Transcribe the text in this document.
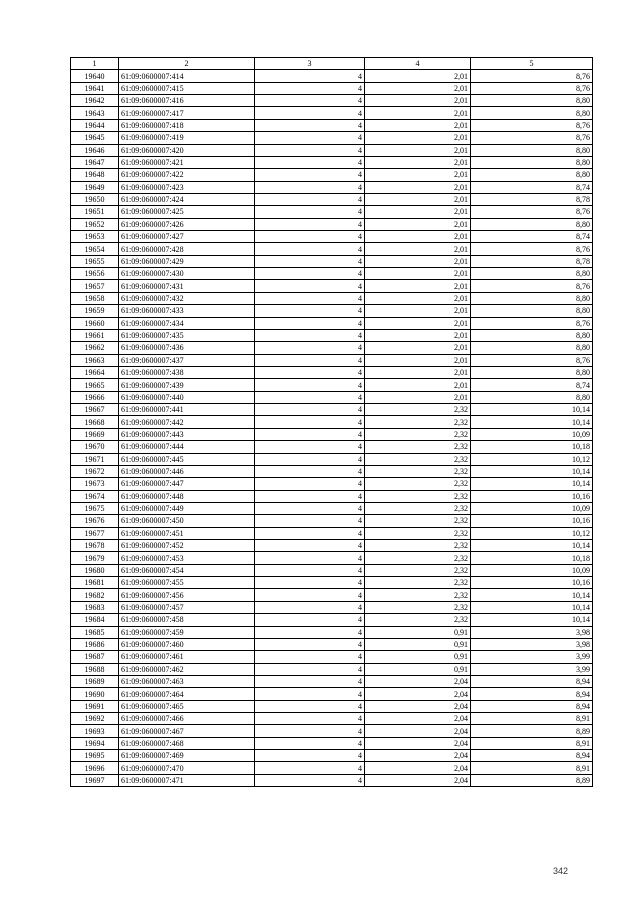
1	2	3	4	5
19640	61:09:0600007:414	4	2,01	8,76
19641	61:09:0600007:415	4	2,01	8,76
19642	61:09:0600007:416	4	2,01	8,80
19643	61:09:0600007:417	4	2,01	8,80
19644	61:09:0600007:418	4	2,01	8,76
19645	61:09:0600007:419	4	2,01	8,76
19646	61:09:0600007:420	4	2,01	8,80
19647	61:09:0600007:421	4	2,01	8,80
19648	61:09:0600007:422	4	2,01	8,80
19649	61:09:0600007:423	4	2,01	8,74
19650	61:09:0600007:424	4	2,01	8,78
19651	61:09:0600007:425	4	2,01	8,76
19652	61:09:0600007:426	4	2,01	8,80
19653	61:09:0600007:427	4	2,01	8,74
19654	61:09:0600007:428	4	2,01	8,76
19655	61:09:0600007:429	4	2,01	8,78
19656	61:09:0600007:430	4	2,01	8,80
19657	61:09:0600007:431	4	2,01	8,76
19658	61:09:0600007:432	4	2,01	8,80
19659	61:09:0600007:433	4	2,01	8,80
19660	61:09:0600007:434	4	2,01	8,76
19661	61:09:0600007:435	4	2,01	8,80
19662	61:09:0600007:436	4	2,01	8,80
19663	61:09:0600007:437	4	2,01	8,76
19664	61:09:0600007:438	4	2,01	8,80
19665	61:09:0600007:439	4	2,01	8,74
19666	61:09:0600007:440	4	2,01	8,80
19667	61:09:0600007:441	4	2,32	10,14
19668	61:09:0600007:442	4	2,32	10,14
19669	61:09:0600007:443	4	2,32	10,09
19670	61:09:0600007:444	4	2,32	10,18
19671	61:09:0600007:445	4	2,32	10,12
19672	61:09:0600007:446	4	2,32	10,14
19673	61:09:0600007:447	4	2,32	10,14
19674	61:09:0600007:448	4	2,32	10,16
19675	61:09:0600007:449	4	2,32	10,09
19676	61:09:0600007:450	4	2,32	10,16
19677	61:09:0600007:451	4	2,32	10,12
19678	61:09:0600007:452	4	2,32	10,14
19679	61:09:0600007:453	4	2,32	10,18
19680	61:09:0600007:454	4	2,32	10,09
19681	61:09:0600007:455	4	2,32	10,16
19682	61:09:0600007:456	4	2,32	10,14
19683	61:09:0600007:457	4	2,32	10,14
19684	61:09:0600007:458	4	2,32	10,14
19685	61:09:0600007:459	4	0,91	3,98
19686	61:09:0600007:460	4	0,91	3,98
19687	61:09:0600007:461	4	0,91	3,99
19688	61:09:0600007:462	4	0,91	3,99
19689	61:09:0600007:463	4	2,04	8,94
19690	61:09:0600007:464	4	2,04	8,94
19691	61:09:0600007:465	4	2,04	8,94
19692	61:09:0600007:466	4	2,04	8,91
19693	61:09:0600007:467	4	2,04	8,89
19694	61:09:0600007:468	4	2,04	8,91
19695	61:09:0600007:469	4	2,04	8,94
19696	61:09:0600007:470	4	2,04	8,91
19697	61:09:0600007:471	4	2,04	8,89
342
